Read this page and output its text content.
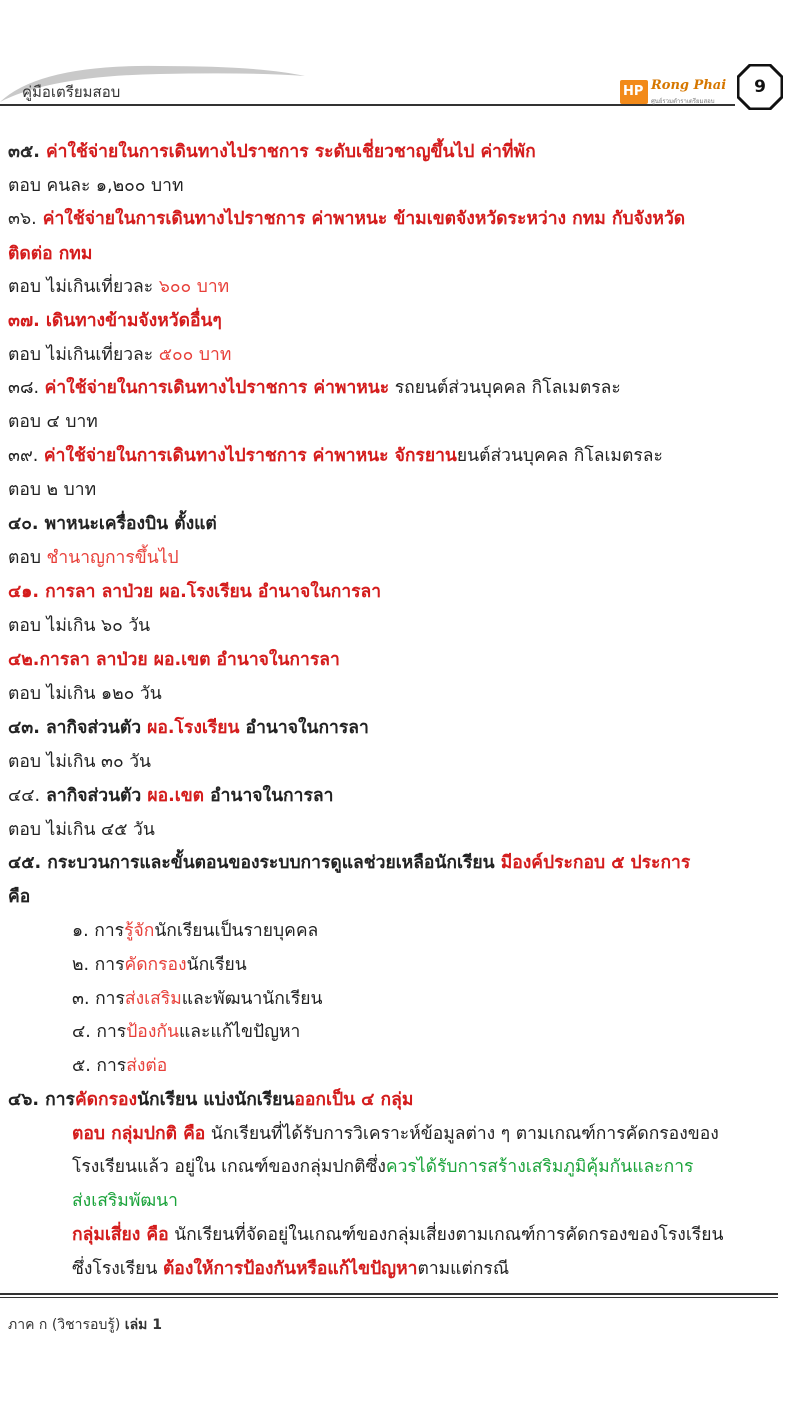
คู่มือเตรียมสอบ	HP Rong Phai
ศูนย์รวมตำราเตรียมสอบ
9
๓๕. ค่าใช้จ่ายในการเดินทางไปราชการ ระดับเชี่ยวชาญขึ้นไป ค่าที่พัก
ตอบ คนละ ๑,๒๐๐ บาท
๓๖. ค่าใช้จ่ายในการเดินทางไปราชการ ค่าพาหนะ ข้ามเขตจังหวัดระหว่าง กทม กับจังหวัด
ติดต่อ กทม
ตอบ ไม่เกินเที่ยวละ ๖๐๐ บาท
๓๗. เดินทางข้ามจังหวัดอื่นๆ
ตอบ ไม่เกินเที่ยวละ ๕๐๐ บาท
๓๘. ค่าใช้จ่ายในการเดินทางไปราชการ ค่าพาหนะ รถยนต์ส่วนบุคคล กิโลเมตรละ
ตอบ ๔ บาท
๓๙. ค่าใช้จ่ายในการเดินทางไปราชการ ค่าพาหนะ จักรยานยนต์ส่วนบุคคล กิโลเมตรละ
ตอบ ๒ บาท
๔๐. พาหนะเครื่องบิน ตั้งแต่
ตอบ ชำนาญการขึ้นไป
๔๑. การลา ลาป่วย ผอ.โรงเรียน อำนาจในการลา
ตอบ ไม่เกิน ๖๐ วัน
๔๒.การลา ลาป่วย ผอ.เขต อำนาจในการลา
ตอบ ไม่เกิน ๑๒๐ วัน
๔๓. ลากิจส่วนตัว ผอ.โรงเรียน อำนาจในการลา
ตอบ ไม่เกิน ๓๐ วัน
๔๔. ลากิจส่วนตัว ผอ.เขต อำนาจในการลา
ตอบ ไม่เกิน ๔๕ วัน
๔๕. กระบวนการและขั้นตอนของระบบการดูแลช่วยเหลือนักเรียน มีองค์ประกอบ ๕ ประการ
คือ
๑. การรู้จักนักเรียนเป็นรายบุคคล
๒. การคัดกรองนักเรียน
๓. การส่งเสริมและพัฒนานักเรียน
๔. การป้องกันและแก้ไขปัญหา
๕. การส่งต่อ
๔๖. การคัดกรองนักเรียน แบ่งนักเรียนออกเป็น ๔ กลุ่ม
ตอบ กลุ่มปกติ คือ นักเรียนที่ได้รับการวิเคราะห์ข้อมูลต่าง ๆ ตามเกณฑ์การคัดกรองของ
โรงเรียนแล้ว อยู่ใน เกณฑ์ของกลุ่มปกติซึ่งควรได้รับการสร้างเสริมภูมิคุ้มกันและการ
ส่งเสริมพัฒนา
กลุ่มเสี่ยง คือ นักเรียนที่จัดอยู่ในเกณฑ์ของกลุ่มเสี่ยงตามเกณฑ์การคัดกรองของโรงเรียน
ซึ่งโรงเรียน ต้องให้การป้องกันหรือแก้ไขปัญหาตามแต่กรณี
ภาค ก (วิชารอบรู้) เล่ม 1
